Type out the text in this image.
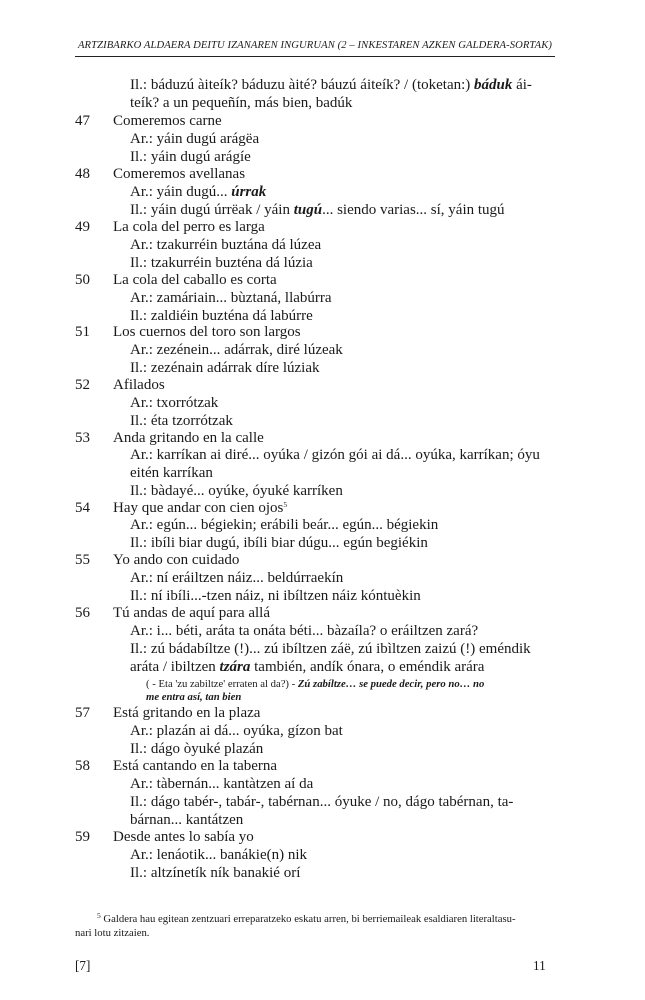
ARTZIBARKO ALDAERA DEITU IZANAREN INGURUAN (2 – INKESTAREN AZKEN GALDERA-SORTAK)
Il.: báduzú àiteík? báduzu àité? báuzú áiteík? / (toketan:) báduk ái-
teík? a un pequeñín, más bien, badúk
47 Comeremos carne
Ar.: yáin dugú arágëa
Il.: yáin dugú arágíe
48 Comeremos avellanas
Ar.: yáin dugú... úrrak
Il.: yáin dugú úrrëak / yáin tugú... siendo varias... sí, yáin tugú
49 La cola del perro es larga
Ar.: tzakurréin buztána dá lúzea
Il.: tzakurréin buzténa dá lúzia
50 La cola del caballo es corta
Ar.: zamáriain... bùztaná, llabúrra
Il.: zaldiéin buzténa dá labúrre
51 Los cuernos del toro son largos
Ar.: zezénein... adárrak, diré lúzeak
Il.: zezénain adárrak díre lúziak
52 Afilados
Ar.: txorrótzak
Il.: éta tzorrótzak
53 Anda gritando en la calle
Ar.: karríkan ai diré... oyúka / gizón gói ai dá... oyúka, karríkan; óyu
eitén karríkan
Il.: bàdayé... oyúke, óyuké karríken
54 Hay que andar con cien ojos$^5$
Ar.: egún... bégiekin; erábili beár... egún... bégiekin
Il.: ibíli biar dugú, ibíli biar dúgu... egún begiékin
55 Yo ando con cuidado
Ar.: ní eráiltzen náiz... beldúrraekín
Il.: ní ibíli...-tzen náiz, ni ibíltzen náiz kóntuèkin
56 Tú andas de aquí para allá
Ar.: i... béti, aráta ta onáta béti... bàzaíla? o eráiltzen zará?
Il.: zú bádabíltze (!)... zú ibíltzen záë, zú ibìltzen zaizú (!) eméndik
aráta / ibiltzen tzára también, andík ónara, o eméndik arára
( - Eta 'zu zabiltze' erraten al da?) - Zú zabíltze… se puede decir, pero no… no
me entra así, tan bien
57 Está gritando en la plaza
Ar.: plazán ai dá... oyúka, gízon bat
Il.: dágo òyuké plazán
58 Está cantando en la taberna
Ar.: tàbernán... kantàtzen aí da
Il.: dágo tabér-, tabár-, tabérnan... óyuke / no, dágo tabérnan, ta-
bárnan... kantátzen
59 Desde antes lo sabía yo
Ar.: lenáotik... banákie(n) nik
Il.: altzínetík ník banakié orí
$^5$ Galdera hau egitean zentzuari erreparatzeko eskatu arren, bi berriemaileak esaldiaren literaltasu-
nari lotu zitzaien.
[7]	11
